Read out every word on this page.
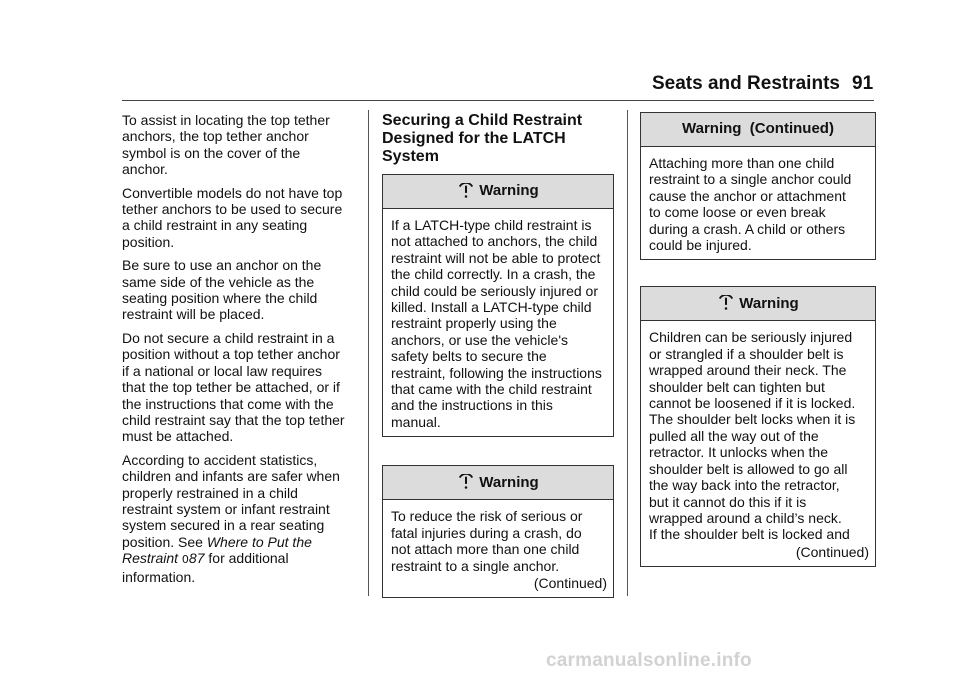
Seats and Restraints 91

To assist in locating the top tether
anchors, the top tether anchor
symbol is on the cover of the
anchor.

Convertible models do not have top
tether anchors to be used to secure
a child restraint in any seating
position.

Be sure to use an anchor on the
same side of the vehicle as the
seating position where the child
restraint will be placed.

Do not secure a child restraint in a
position without a top tether anchor
if a national or local law requires
that the top tether be attached, or if
the instructions that come with the
child restraint say that the top tether
must be attached.

According to accident statistics,
children and infants are safer when
properly restrained in a child
restraint system or infant restraint
system secured in a rear seating
position. See Where to Put the
Restraint 087 for additional
information.

Securing a Child Restraint
Designed for the LATCH
System
Warning
If a LATCH-type child restraint is
not attached to anchors, the child
restraint will not be able to protect
the child correctly. In a crash, the
child could be seriously injured or
killed. Install a LATCH-type child
restraint properly using the
anchors, or use the vehicle's
safety belts to secure the
restraint, following the instructions
that came with the child restraint
and the instructions in this
manual.
Warning
To reduce the risk of serious or
fatal injuries during a crash, do
not attach more than one child
restraint to a single anchor.
(Continued)
Warning  (Continued)
Attaching more than one child
restraint to a single anchor could
cause the anchor or attachment
to come loose or even break
during a crash. A child or others
could be injured.
Warning
Children can be seriously injured
or strangled if a shoulder belt is
wrapped around their neck. The
shoulder belt can tighten but
cannot be loosened if it is locked.
The shoulder belt locks when it is
pulled all the way out of the
retractor. It unlocks when the
shoulder belt is allowed to go all
the way back into the retractor,
but it cannot do this if it is
wrapped around a child’s neck.
If the shoulder belt is locked and
(Continued)
carmanualsonline.info
